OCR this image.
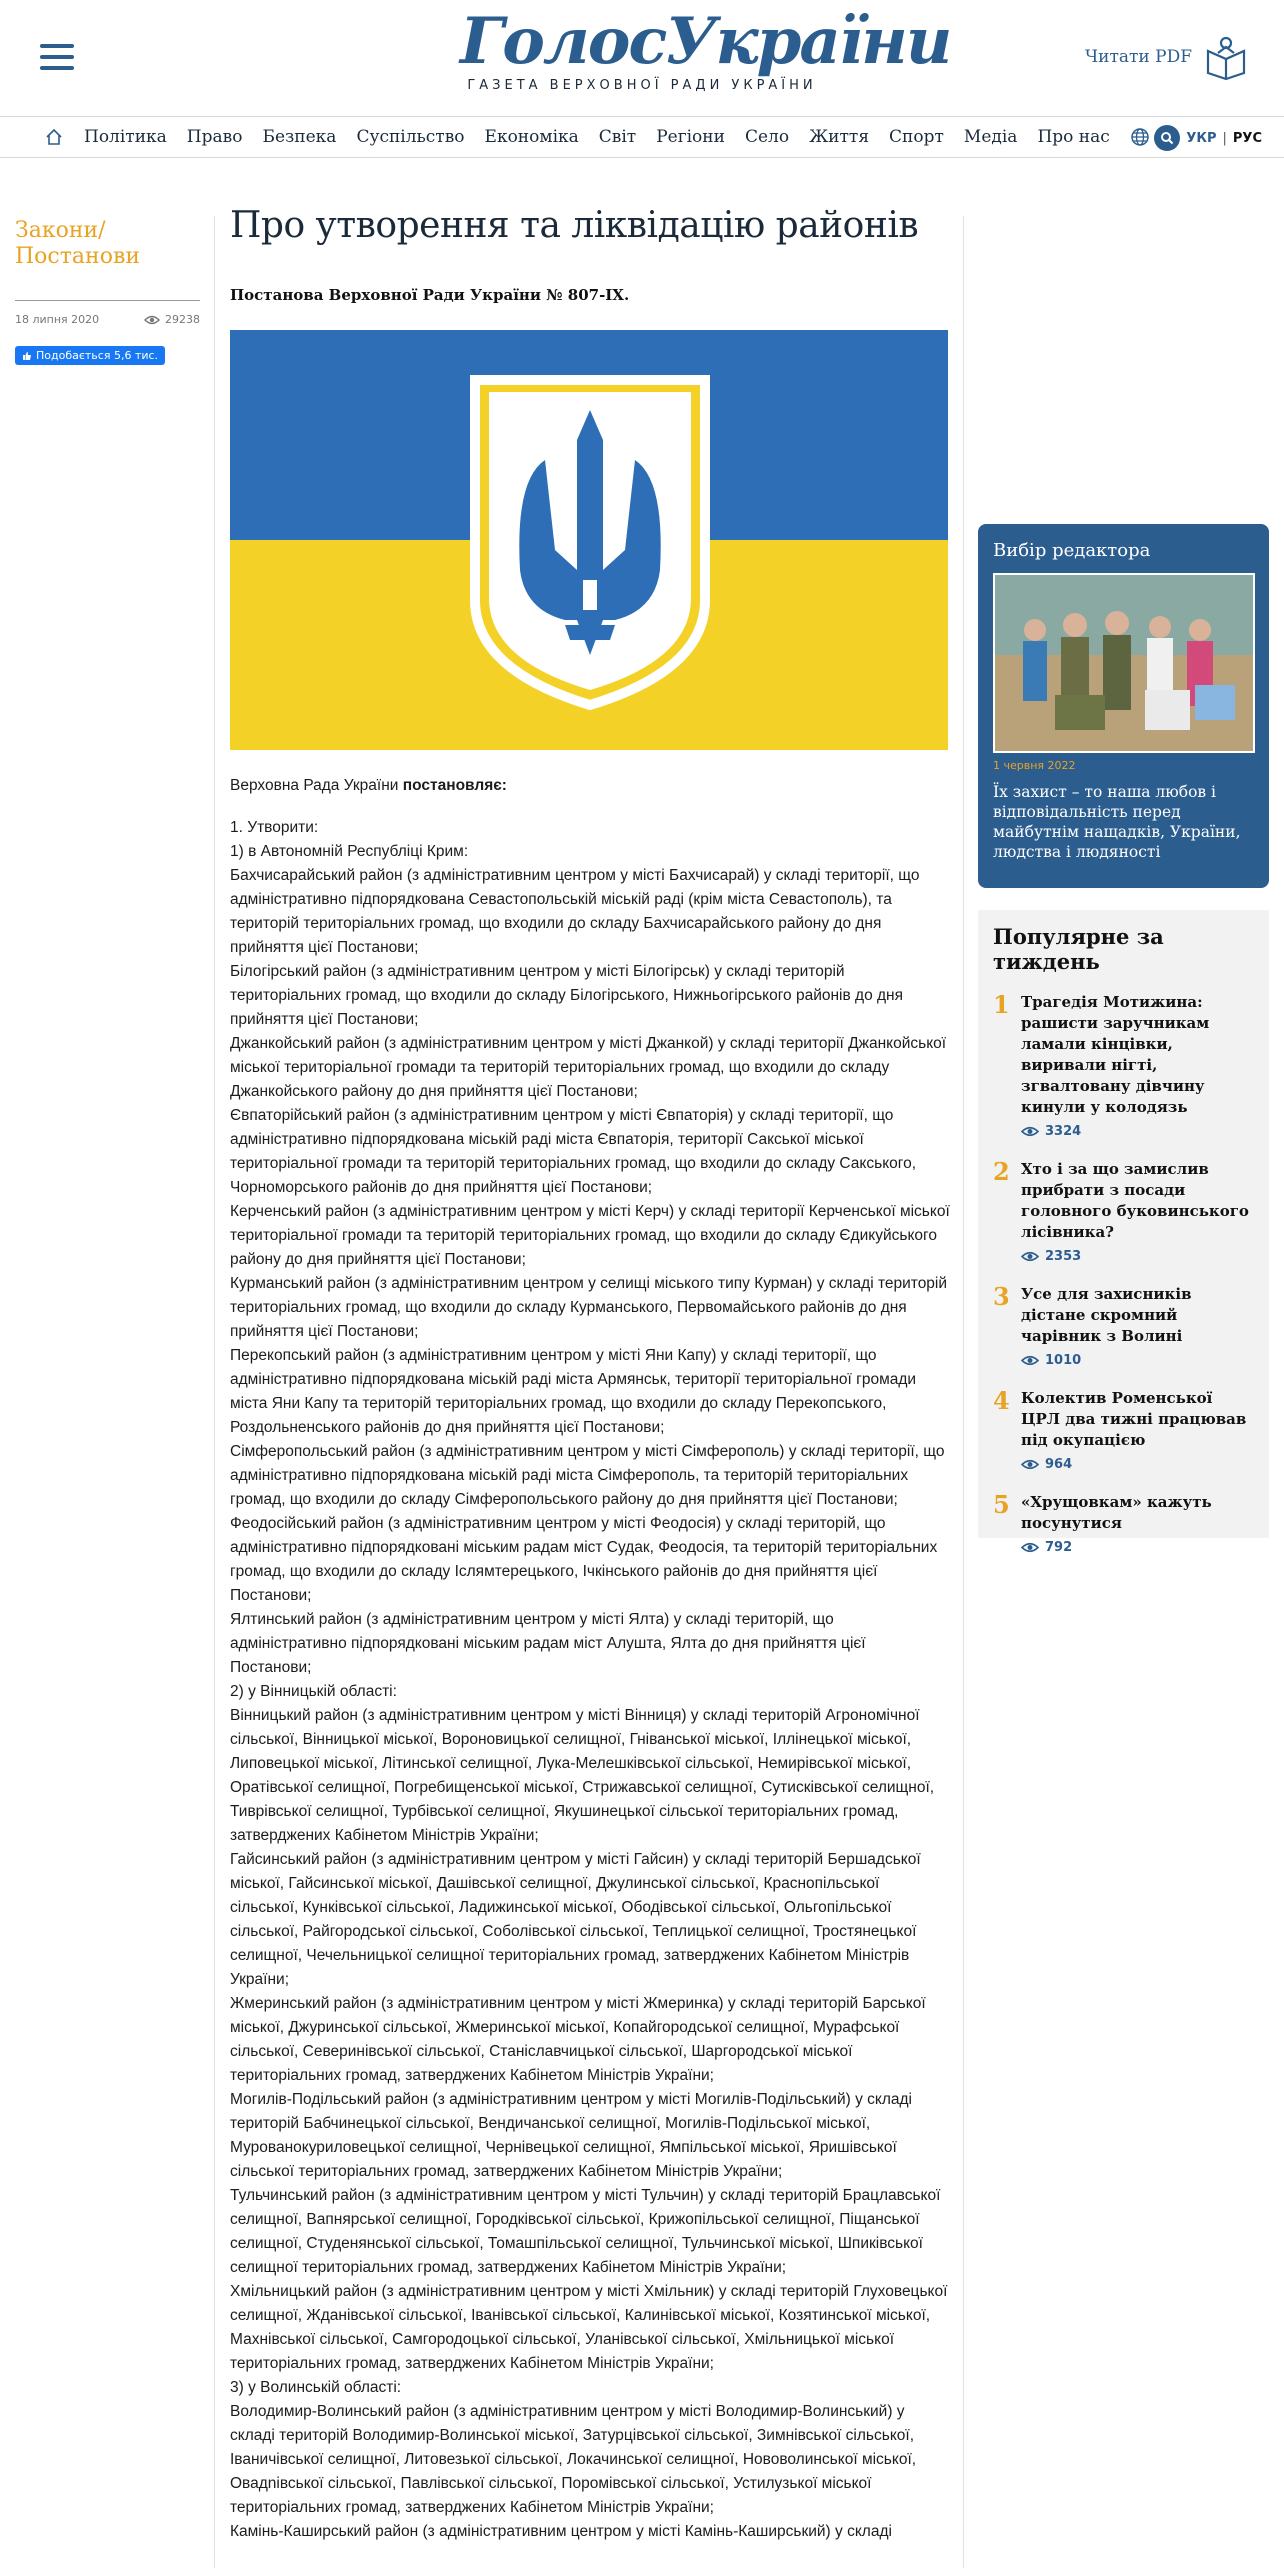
ГолосУкраїни
ГАЗЕТА ВЕРХОВНОЇ РАДИ УКРАЇНИ
Читати PDF
Політика Право Безпека Суспільство Економіка Світ Регіони Село Життя Спорт Медіа Про нас	УКР | РУС
Закони/ Постанови
18 липня 2020	29238
Подобається 5,6 тис.
Про утворення та ліквідацію районів
Постанова Верховної Ради України № 807-IX.

Верховна Рада України постановляє:

1. Утворити:

1) в Автономній Республіці Крим:

Бахчисарайський район (з адміністративним центром у місті Бахчисарай) у складі території, що адміністративно підпорядкована Севастопольській міській раді (крім міста Севастополь), та територій територіальних громад, що входили до складу Бахчисарайського району до дня прийняття цієї Постанови;

Білогірський район (з адміністративним центром у місті Білогірськ) у складі територій територіальних громад, що входили до складу Білогірського, Нижньогірського районів до дня прийняття цієї Постанови;

Джанкойський район (з адміністративним центром у місті Джанкой) у складі території Джанкойської міської територіальної громади та територій територіальних громад, що входили до складу Джанкойського району до дня прийняття цієї Постанови;

Євпаторійський район (з адміністративним центром у місті Євпаторія) у складі території, що адміністративно підпорядкована міській раді міста Євпаторія, території Сакської міської територіальної громади та територій територіальних громад, що входили до складу Сакського, Чорноморського районів до дня прийняття цієї Постанови;

Керченський район (з адміністративним центром у місті Керч) у складі території Керченської міської територіальної громади та територій територіальних громад, що входили до складу Єдикуйського району до дня прийняття цієї Постанови;

Курманський район (з адміністративним центром у селищі міського типу Курман) у складі територій територіальних громад, що входили до складу Курманського, Первомайського районів до дня прийняття цієї Постанови;

Перекопський район (з адміністративним центром у місті Яни Капу) у складі території, що адміністративно підпорядкована міській раді міста Армянськ, території територіальної громади міста Яни Капу та територій територіальних громад, що входили до складу Перекопського, Роздольненського районів до дня прийняття цієї Постанови;

Сімферопольський район (з адміністративним центром у місті Сімферополь) у складі території, що адміністративно підпорядкована міській раді міста Сімферополь, та територій територіальних громад, що входили до складу Сімферопольського району до дня прийняття цієї Постанови;

Феодосійський район (з адміністративним центром у місті Феодосія) у складі територій, що адміністративно підпорядковані міським радам міст Судак, Феодосія, та територій територіальних громад, що входили до складу Іслямтерецького, Ічкінського районів до дня прийняття цієї Постанови;

Ялтинський район (з адміністративним центром у місті Ялта) у складі територій, що адміністративно підпорядковані міським радам міст Алушта, Ялта до дня прийняття цієї Постанови;

2) у Вінницькій області:

Вінницький район (з адміністративним центром у місті Вінниця) у складі територій Агрономічної сільської, Вінницької міської, Вороновицької селищної, Гніванської міської, Іллінецької міської, Липовецької міської, Літинської селищної, Лука-Мелешківської сільської, Немирівської міської, Оратівської селищної, Погребищенської міської, Стрижавської селищної, Сутисківської селищної, Тиврівської селищної, Турбівської селищної, Якушинецької сільської територіальних громад, затверджених Кабінетом Міністрів України;

Гайсинський район (з адміністративним центром у місті Гайсин) у складі територій Бершадської міської, Гайсинської міської, Дашівської селищної, Джулинської сільської, Краснопільської сільської, Кунківської сільської, Ладижинської міської, Ободівської сільської, Ольгопільської сільської, Райгородської сільської, Соболівської сільської, Теплицької селищної, Тростянецької селищної, Чечельницької селищної територіальних громад, затверджених Кабінетом Міністрів України;

Жмеринський район (з адміністративним центром у місті Жмеринка) у складі територій Барської міської, Джуринської сільської, Жмеринської міської, Копайгородської селищної, Мурафської сільської, Северинівської сільської, Станіславчицької сільської, Шаргородської міської територіальних громад, затверджених Кабінетом Міністрів України;

Могилів-Подільський район (з адміністративним центром у місті Могилів-Подільський) у складі територій Бабчинецької сільської, Вендичанської селищної, Могилів-Подільської міської, Мурованокуриловецької селищної, Чернівецької селищної, Ямпільської міської, Яришівської сільської територіальних громад, затверджених Кабінетом Міністрів України;

Тульчинський район (з адміністративним центром у місті Тульчин) у складі територій Брацлавської селищної, Вапнярської селищної, Городківської сільської, Крижопільської селищної, Піщанської селищної, Студенянської сільської, Томашпільської селищної, Тульчинської міської, Шпиківської селищної територіальних громад, затверджених Кабінетом Міністрів України;

Хмільницький район (з адміністративним центром у місті Хмільник) у складі територій Глуховецької селищної, Жданівської сільської, Іванівської сільської, Калинівської міської, Козятинської міської, Махнівської сільської, Самгородоцької сільської, Уланівської сільської, Хмільницької міської територіальних громад, затверджених Кабінетом Міністрів України;

3) у Волинській області:

Володимир-Волинський район (з адміністративним центром у місті Володимир-Волинський) у складі територій Володимир-Волинської міської, Затурцівської сільської, Зимнівської сільської, Іваничівської селищної, Литовезької сільської, Локачинської селищної, Нововолинської міської, Овадnівської сільської, Павлівської сільської, Поромівської сільської, Устилузької міської територіальних громад, затверджених Кабінетом Міністрів України;

Камінь-Каширський район (з адміністративним центром у місті Камінь-Каширський) у складі

Вибір редактора
1 червня 2022
Їх захист – то наша любов і відповідальність перед майбутнім нащадків, України, людства і людяності
Популярне за тиждень
1 Трагедія Мотижина: рашисти заручникам ламали кінцівки, виривали нігті, згвалтовану дівчину кинули у колодязь
3324
2 Хто і за що замислив прибрати з посади головного буковинського лісівника?
2353
3 Усе для захисників дістане скромний чарівник з Волині
1010
4 Колектив Роменської ЦРЛ два тижні працював під окупацією
964
5 «Хрущовкам» кажуть посунутися
792
